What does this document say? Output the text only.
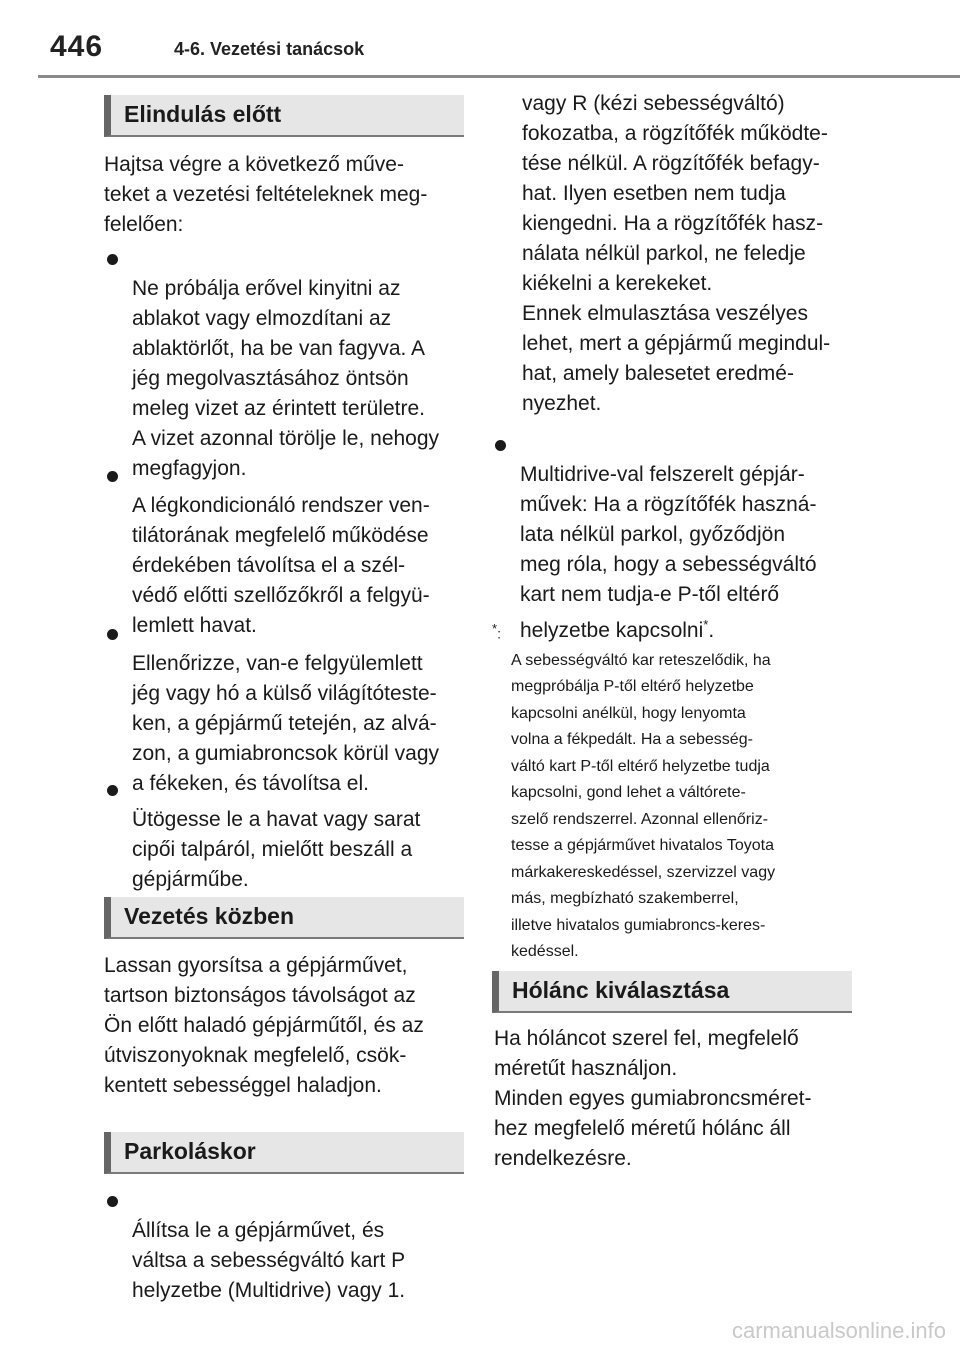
446	4-6. Vezetési tanácsok
Elindulás előtt
Hajtsa végre a következő műve-
teket a vezetési feltételeknek meg-
felelően:

Ne próbálja erővel kinyitni az
ablakot vagy elmozdítani az
ablaktörlőt, ha be van fagyva. A
jég megolvasztásához öntsön
meleg vizet az érintett területre.
A vizet azonnal törölje le, nehogy
megfagyjon.

A légkondicionáló rendszer ven-
tilátorának megfelelő működése
érdekében távolítsa el a szél-
védő előtti szellőzőkről a felgyü-
lemlett havat.

Ellenőrizze, van-e felgyülemlett
jég vagy hó a külső világítóteste-
ken, a gépjármű tetején, az alvá-
zon, a gumiabroncsok körül vagy
a fékeken, és távolítsa el.

Ütögesse le a havat vagy sarat
cipői talpáról, mielőtt beszáll a
gépjárműbe.

Vezetés közben
Lassan gyorsítsa a gépjárművet,
tartson biztonságos távolságot az
Ön előtt haladó gépjárműtől, és az
útviszonyoknak megfelelő, csök-
kentett sebességgel haladjon.
Parkoláskor

Állítsa le a gépjárművet, és
váltsa a sebességváltó kart P
helyzetbe (Multidrive) vagy 1.

vagy R (kézi sebességváltó)
fokozatba, a rögzítőfék működte-
tése nélkül. A rögzítőfék befagy-
hat. Ilyen esetben nem tudja
kiengedni. Ha a rögzítőfék hasz-
nálata nélkül parkol, ne feledje
kiékelni a kerekeket.
Ennek elmulasztása veszélyes
lehet, mert a gépjármű megindul-
hat, amely balesetet eredmé-
nyezhet.

Multidrive-val felszerelt gépjár-
művek: Ha a rögzítőfék haszná-
lata nélkül parkol, győződjön
meg róla, hogy a sebességváltó
kart nem tudja-e P-től eltérő
helyzetbe kapcsolni*.

*:
A sebességváltó kar reteszelődik, ha
megpróbálja P-től eltérő helyzetbe
kapcsolni anélkül, hogy lenyomta
volna a fékpedált. Ha a sebesség-
váltó kart P-től eltérő helyzetbe tudja
kapcsolni, gond lehet a váltórete-
szelő rendszerrel. Azonnal ellenőriz-
tesse a gépjárművet hivatalos Toyota
márkakereskedéssel, szervizzel vagy
más, megbízható szakemberrel,
illetve hivatalos gumiabroncs-keres-
kedéssel.

Hólánc kiválasztása
Ha hóláncot szerel fel, megfelelő
méretűt használjon.
Minden egyes gumiabroncsméret-
hez megfelelő méretű hólánc áll
rendelkezésre.
carmanualsonline.info
